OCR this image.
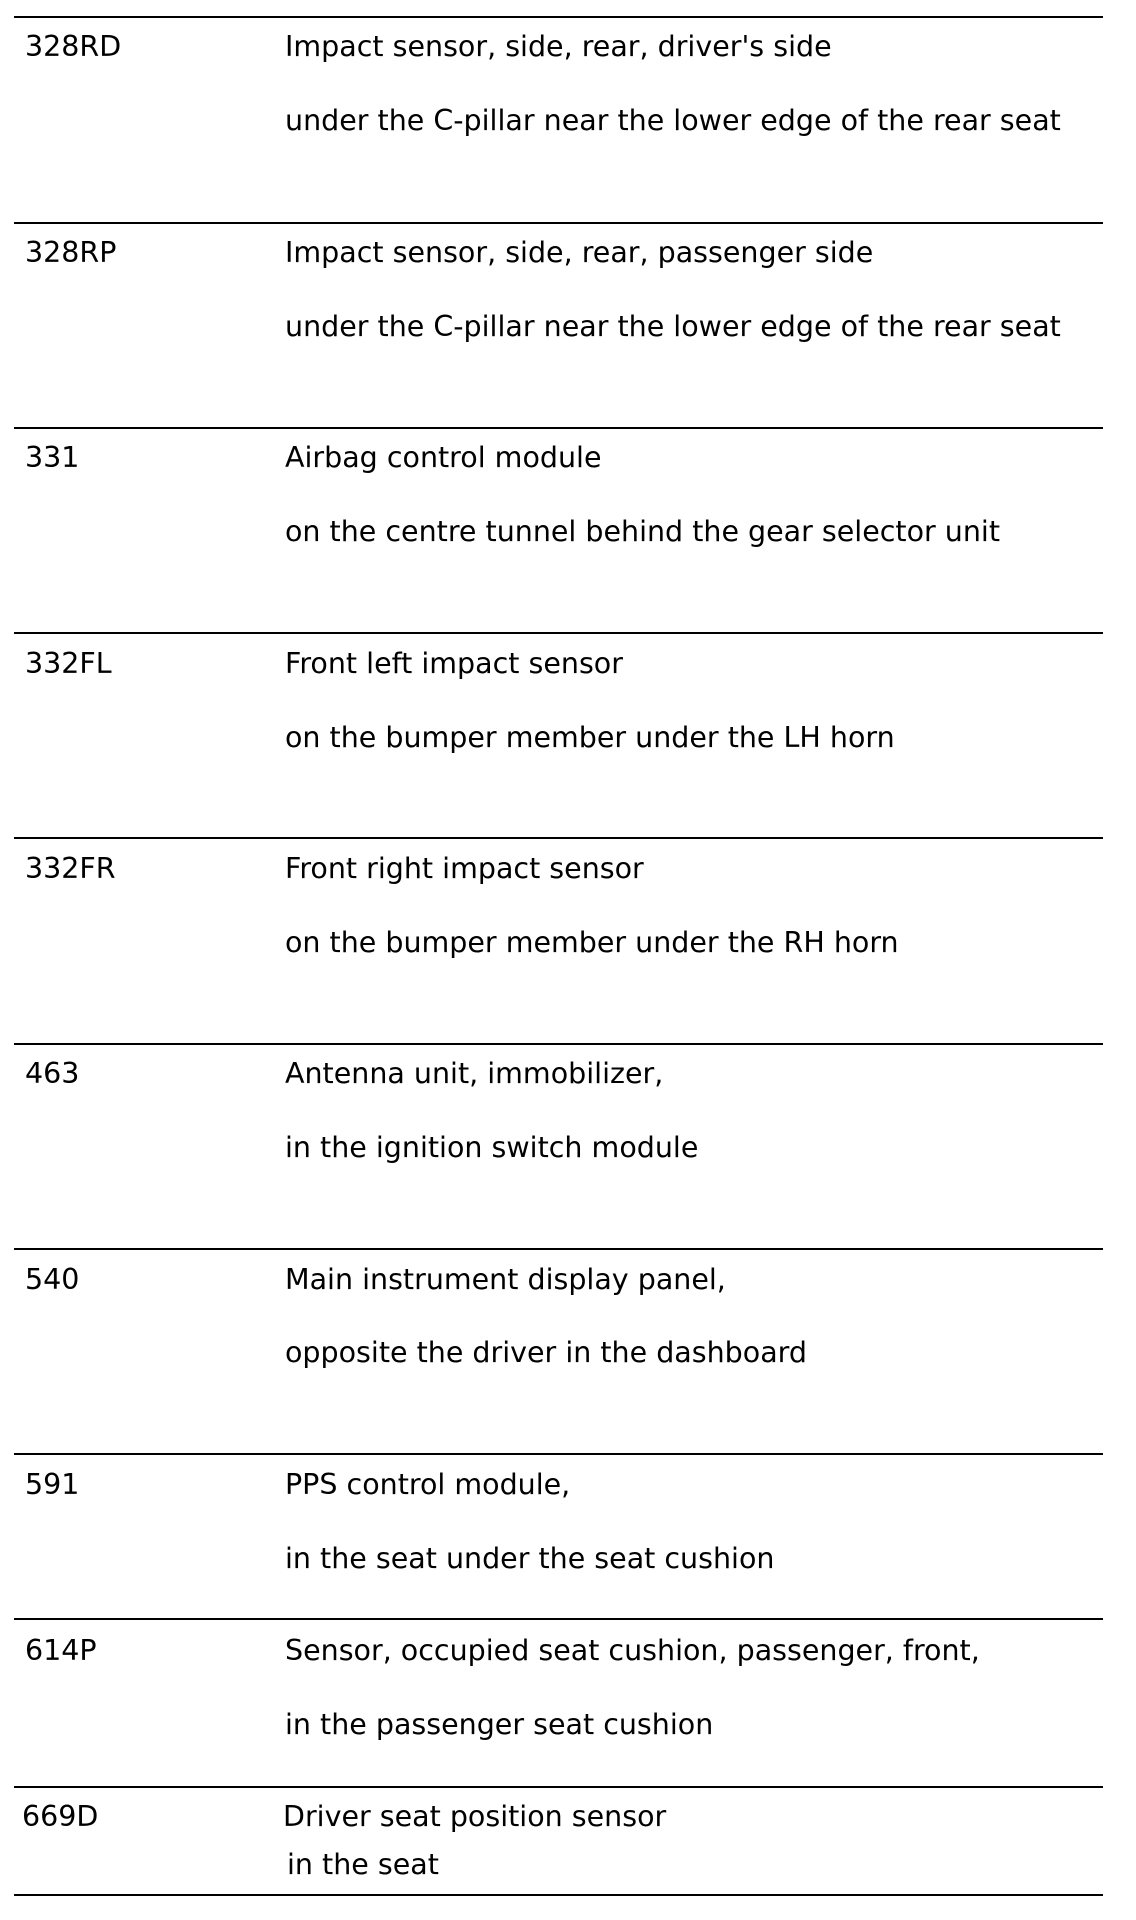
328RD	Impact sensor, side, rear, driver's side
under the C-pillar near the lower edge of the rear seat
328RP	Impact sensor, side, rear, passenger side
under the C-pillar near the lower edge of the rear seat
331	Airbag control module
on the centre tunnel behind the gear selector unit
332FL	Front left impact sensor
on the bumper member under the LH horn
332FR	Front right impact sensor
on the bumper member under the RH horn
463	Antenna unit, immobilizer,
in the ignition switch module
540	Main instrument display panel,
opposite the driver in the dashboard
591	PPS control module,
in the seat under the seat cushion
614P	Sensor, occupied seat cushion, passenger, front,
in the passenger seat cushion
669D	Driver seat position sensor
in the seat
